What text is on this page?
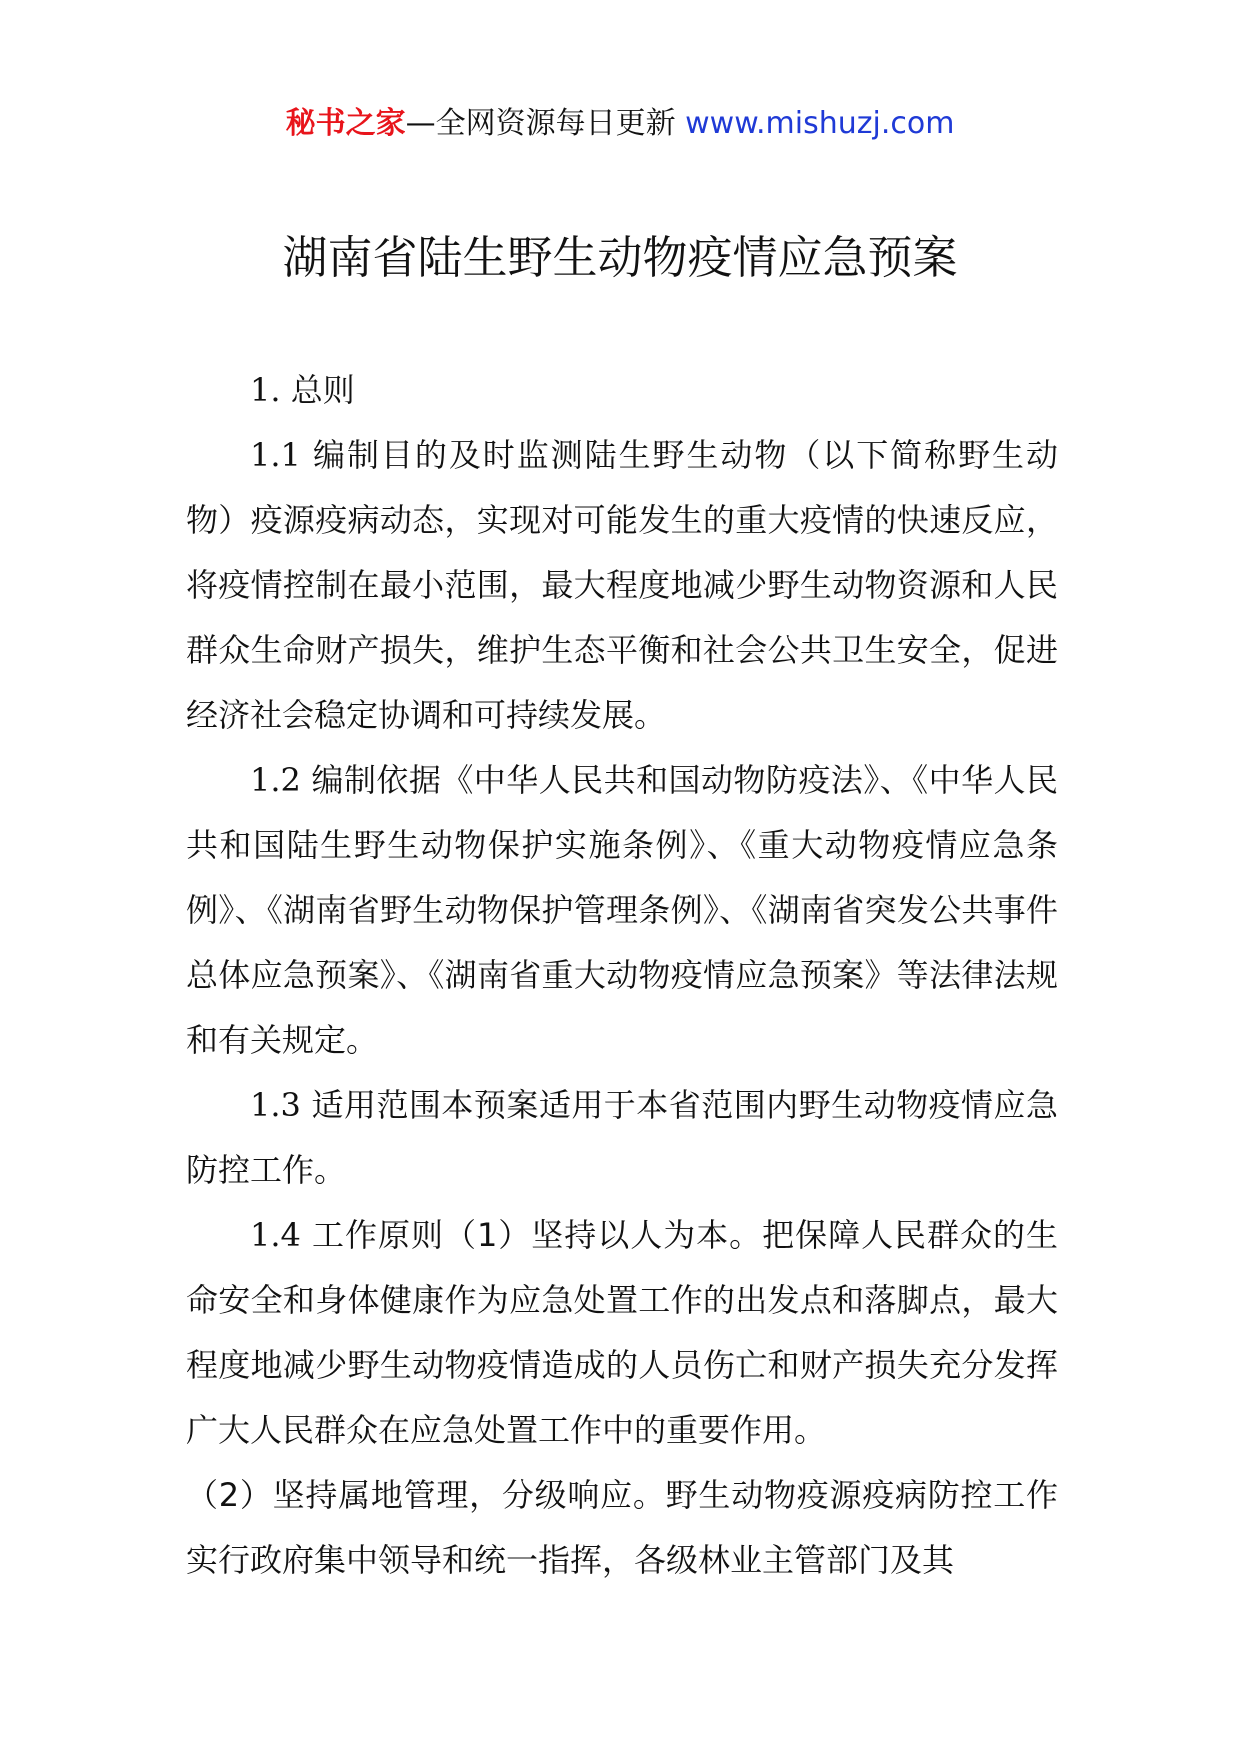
秘书之家—全网资源每日更新 www.mishuzj.com
湖南省陆生野生动物疫情应急预案

1. 总则

1.1 编制目的及时监测陆生野生动物（以下简称野生动物）疫源疫病动态，实现对可能发生的重大疫情的快速反应，将疫情控制在最小范围，最大程度地减少野生动物资源和人民群众生命财产损失，维护生态平衡和社会公共卫生安全，促进经济社会稳定协调和可持续发展。

1.2 编制依据《中华人民共和国动物防疫法》、《中华人民共和国陆生野生动物保护实施条例》、《重大动物疫情应急条例》、《湖南省野生动物保护管理条例》、《湖南省突发公共事件总体应急预案》、《湖南省重大动物疫情应急预案》等法律法规和有关规定。

1.3 适用范围本预案适用于本省范围内野生动物疫情应急防控工作。

1.4 工作原则（1）坚持以人为本。把保障人民群众的生命安全和身体健康作为应急处置工作的出发点和落脚点，最大程度地减少野生动物疫情造成的人员伤亡和财产损失充分发挥广大人民群众在应急处置工作中的重要作用。

（2）坚持属地管理，分级响应。野生动物疫源疫病防控工作实行政府集中领导和统一指挥，各级林业主管部门及其
